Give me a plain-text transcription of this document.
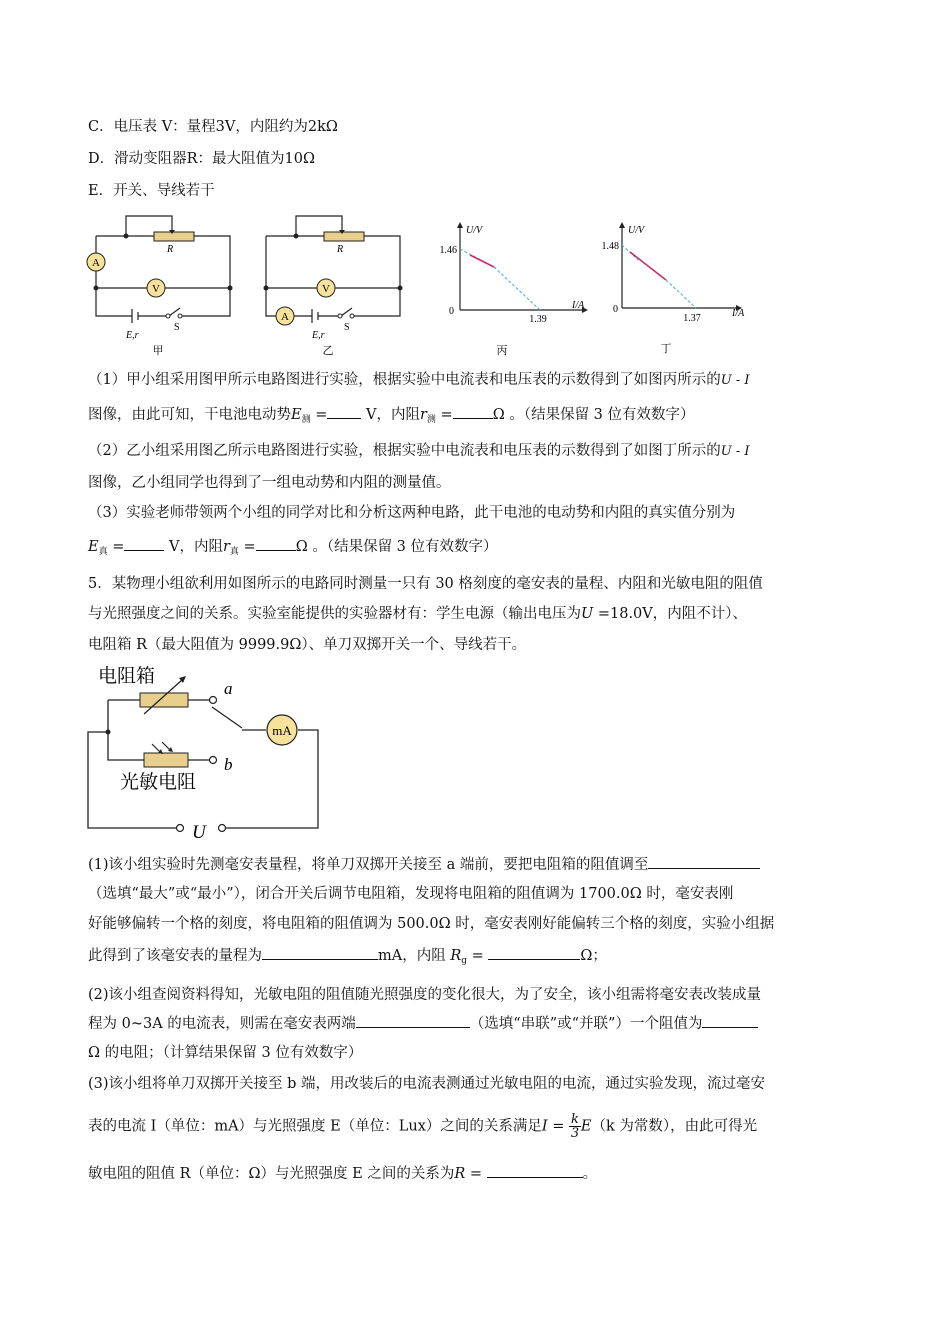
C．电压表 V：量程3V，内阻约为2kΩ
D．滑动变阻器R：最大阻值为10Ω
E．开关、导线若干
A
V
R
E,r
S
甲
A
V
R
E,r
S
乙
U/V
I/A
1.46
0
1.39
丙
U/V
I/A
1.48
0
1.37
丁
（1）甲小组采用图甲所示电路图进行实验，根据实验中电流表和电压表的示数得到了如图丙所示的U - I
图像，由此可知，干电池电动势$E_测$ =	V，内阻$r_测$ =	Ω 。（结果保留 3 位有效数字）
（2）乙小组采用图乙所示电路图进行实验，根据实验中电流表和电压表的示数得到了如图丁所示的U - I
图像，乙小组同学也得到了一组电动势和内阻的测量值。
（3）实验老师带领两个小组的同学对比和分析这两种电路，此干电池的电动势和内阻的真实值分别为
$E_真$ =	V，内阻$r_真$ =	Ω 。（结果保留 3 位有效数字）
5．某物理小组欲利用如图所示的电路同时测量一只有 30 格刻度的毫安表的量程、内阻和光敏电阻的阻值
与光照强度之间的关系。实验室能提供的实验器材有：学生电源（输出电压为U =18.0V，内阻不计）、
电阻箱 R（最大阻值为 9999.9Ω）、单刀双掷开关一个、导线若干。
mA
电阻箱
光敏电阻
a
b
U
(1)该小组实验时先测毫安表量程，将单刀双掷开关接至 a 端前，要把电阻箱的阻值调至
（选填“最大”或“最小”），闭合开关后调节电阻箱，发现将电阻箱的阻值调为 1700.0Ω 时，毫安表刚
好能够偏转一个格的刻度，将电阻箱的阻值调为 500.0Ω 时，毫安表刚好能偏转三个格的刻度，实验小组据
此得到了该毫安表的量程为	mA，内阻 $R_g$ =	Ω；
(2)该小组查阅资料得知，光敏电阻的阻值随光照强度的变化很大，为了安全，该小组需将毫安表改装成量
程为 0~3A 的电流表，则需在毫安表两端	（选填“串联”或“并联”）一个阻值为
Ω 的电阻；（计算结果保留 3 位有效数字）
(3)该小组将单刀双掷开关接至 b 端，用改装后的电流表测通过光敏电阻的电流，通过实验发现，流过毫安
表的电流 I（单位：mA）与光照强度 E（单位：Lux）之间的关系满足$I = \frac{k}{3} E(k$ 为常数），由此可得光
敏电阻的阻值 R（单位：Ω）与光照强度 E 之间的关系为R =	。
